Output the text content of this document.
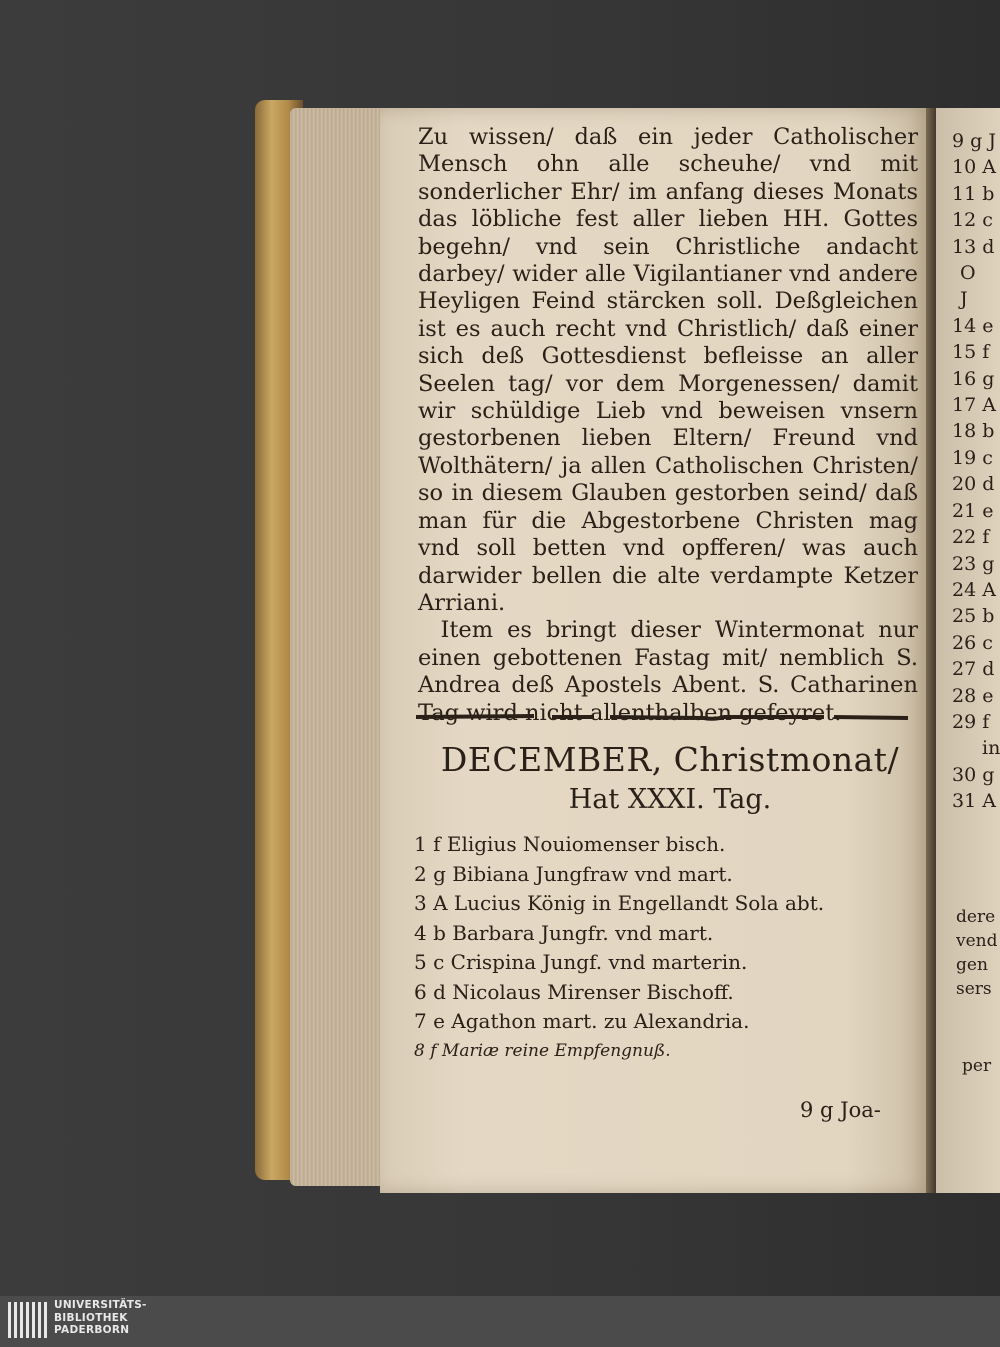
Zu wissen/ daß ein jeder Catholischer Mensch ohn alle scheuhe/ vnd mit sonderlicher Ehr/ im anfang dieses Monats das löbliche fest aller lieben HH. Gottes begehn/ vnd sein Christliche andacht darbey/ wider alle Vigilantianer vnd andere Heyligen Feind stärcken soll. Deßgleichen ist es auch recht vnd Christlich/ daß einer sich deß Gottesdienst befleisse an aller Seelen tag/ vor dem Morgenessen/ damit wir schüldige Lieb vnd beweisen vnsern gestorbenen lieben Eltern/ Freund vnd Wolthätern/ ja allen Catholischen Christen/ so in diesem Glauben gestorben seind/ daß man für die Abgestorbene Christen mag vnd soll betten vnd opfferen/ was auch darwider bellen die alte verdampte Ketzer Arriani.

Item es bringt dieser Wintermonat nur einen gebottenen Fastag mit/ nemblich S. Andrea deß Apostels Abent. S. Catharinen Tag wird nicht allenthalben gefeyret.

DECEMBER, Christmonat/
Hat XXXI. Tag.
1 f Eligius Nouiomenser bisch.
2 g Bibiana Jungfraw vnd mart.
3 A Lucius König in Engellandt Sola abt.
4 b Barbara Jungfr. vnd mart.
5 c Crispina Jungf. vnd marterin.
6 d Nicolaus Mirenser Bischoff.
7 e Agathon mart. zu Alexandria.
8 f Mariæ reine Empfengnuß.
9 g Joa-
9 g J
10 A
11 b
12 c
13 d
O
J
14 e
15 f
16 g
17 A
18 b
19 c
20 d
21 e
22 f
23 g
24 A
25 b
26 c
27 d
28 e
29 f
in
30 g
31 A
dere
vend
gen
sers
per
UNIVERSITÄTS-
BIBLIOTHEK
PADERBORN
